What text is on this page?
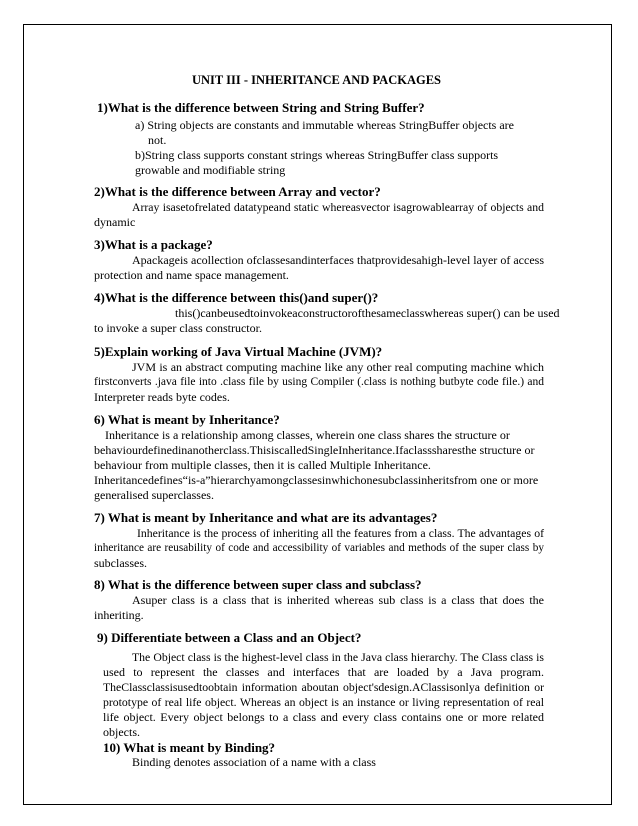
UNIT III - INHERITANCE AND PACKAGES
1)What is the difference between String and String Buffer?
a) String objects are constants and immutable whereas StringBuffer objects are
not.
b)String class supports constant strings whereas StringBuffer class supports
growable and modifiable string
2)What is the difference between Array and vector?
Array isasetofrelated datatypeand static whereasvector isagrowablearray of objects and
dynamic
3)What is a package?
Apackageis acollection ofclassesandinterfaces thatprovidesahigh-level layer of access
protection and name space management.
4)What is the difference between this()and super()?
this()canbeusedtoinvokeaconstructorofthesameclasswhereas super() can be used
to invoke a super class constructor.
5)Explain working of Java Virtual Machine (JVM)?
JVM is an abstract computing machine like any other real computing machine which
firstconverts .java file into .class file by using Compiler (.class is nothing butbyte code file.) and
Interpreter reads byte codes.
6) What is meant by Inheritance?
Inheritance is a relationship among classes, wherein one class shares the structure or
behaviourdefinedinanotherclass.ThisiscalledSingleInheritance.Ifaclasssharesthe structure or
behaviour from multiple classes, then it is called Multiple Inheritance.
Inheritancedefines“is-a”hierarchyamongclassesinwhichonesubclassinheritsfrom one or more
generalised superclasses.
7) What is meant by Inheritance and what are its advantages?
Inheritance is the process of inheriting all the features from a class. The advantages of
inheritance are reusability of code and accessibility of variables and methods of the super class by
subclasses.
8) What is the difference between super class and subclass?
Asuper class is a class that is inherited whereas sub class is a class that does the
inheriting.
9) Differentiate between a Class and an Object?
The Object class is the highest-level class in the Java class hierarchy. The Class class is
used to represent the classes and interfaces that are loaded by a Java program.
TheClassclassisusedtoobtain information aboutan object'sdesign.AClassisonlya definition or
prototype of real life object. Whereas an object is an instance or living representation of real
life object. Every object belongs to a class and every class contains one or more related
objects.
10) What is meant by Binding?
Binding denotes association of a name with a class
